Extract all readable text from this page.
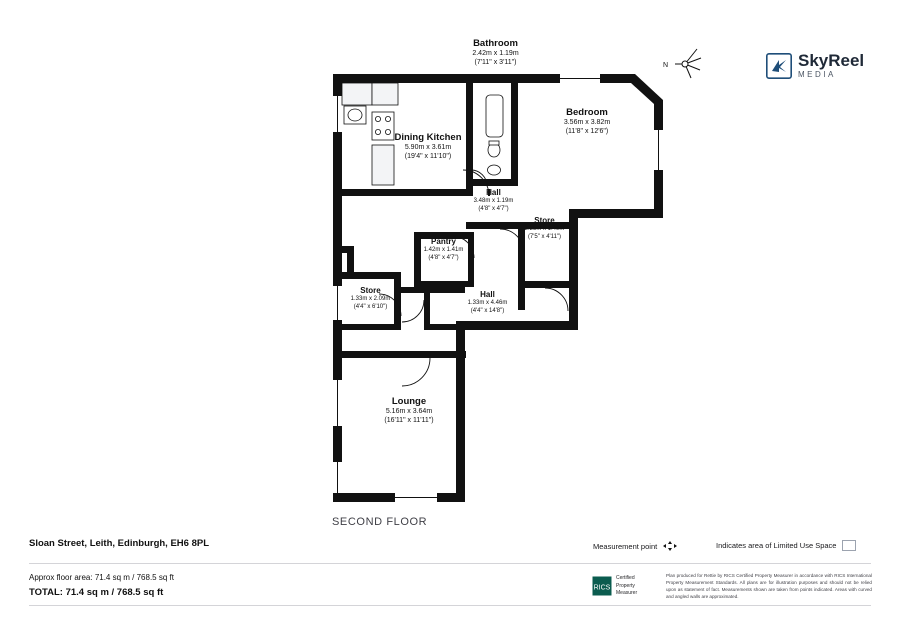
SkyReel
MEDIA
N
Bathroom
2.42m x 1.19m
(7'11" x 3'11")
Dining Kitchen
5.90m x 3.61m
(19'4" x 11'10")
Bedroom
3.56m x 3.82m
(11'8" x 12'6")
Hall
3.48m x 1.19m
(4'8" x 4'7")
Store
2.25m x 1.49m
(7'5" x 4'11")
Pantry
1.42m x 1.41m
(4'8" x 4'7")
Store
1.33m x 2.09m
(4'4" x 6'10")
Hall
1.33m x 4.46m
(4'4" x 14'8")
Lounge
5.16m x 3.64m
(16'11" x 11'11")
SECOND FLOOR
Measurement point	Indicates area of Limited Use Space
Sloan Street, Leith, Edinburgh, EH6 8PL
Approx floor area: 71.4 sq m / 768.5 sq ft
TOTAL: 71.4 sq m / 768.5 sq ft	RICS
Certified
Property
Measurer
Plan produced for Rettie by RICS Certified Property Measurer in accordance with RICS International Property Measurement Standards. All plans are for illustration purposes and should not be relied upon as statement of fact. Measurements shown are taken from points indicated. Areas with curved and angled walls are approximated.
